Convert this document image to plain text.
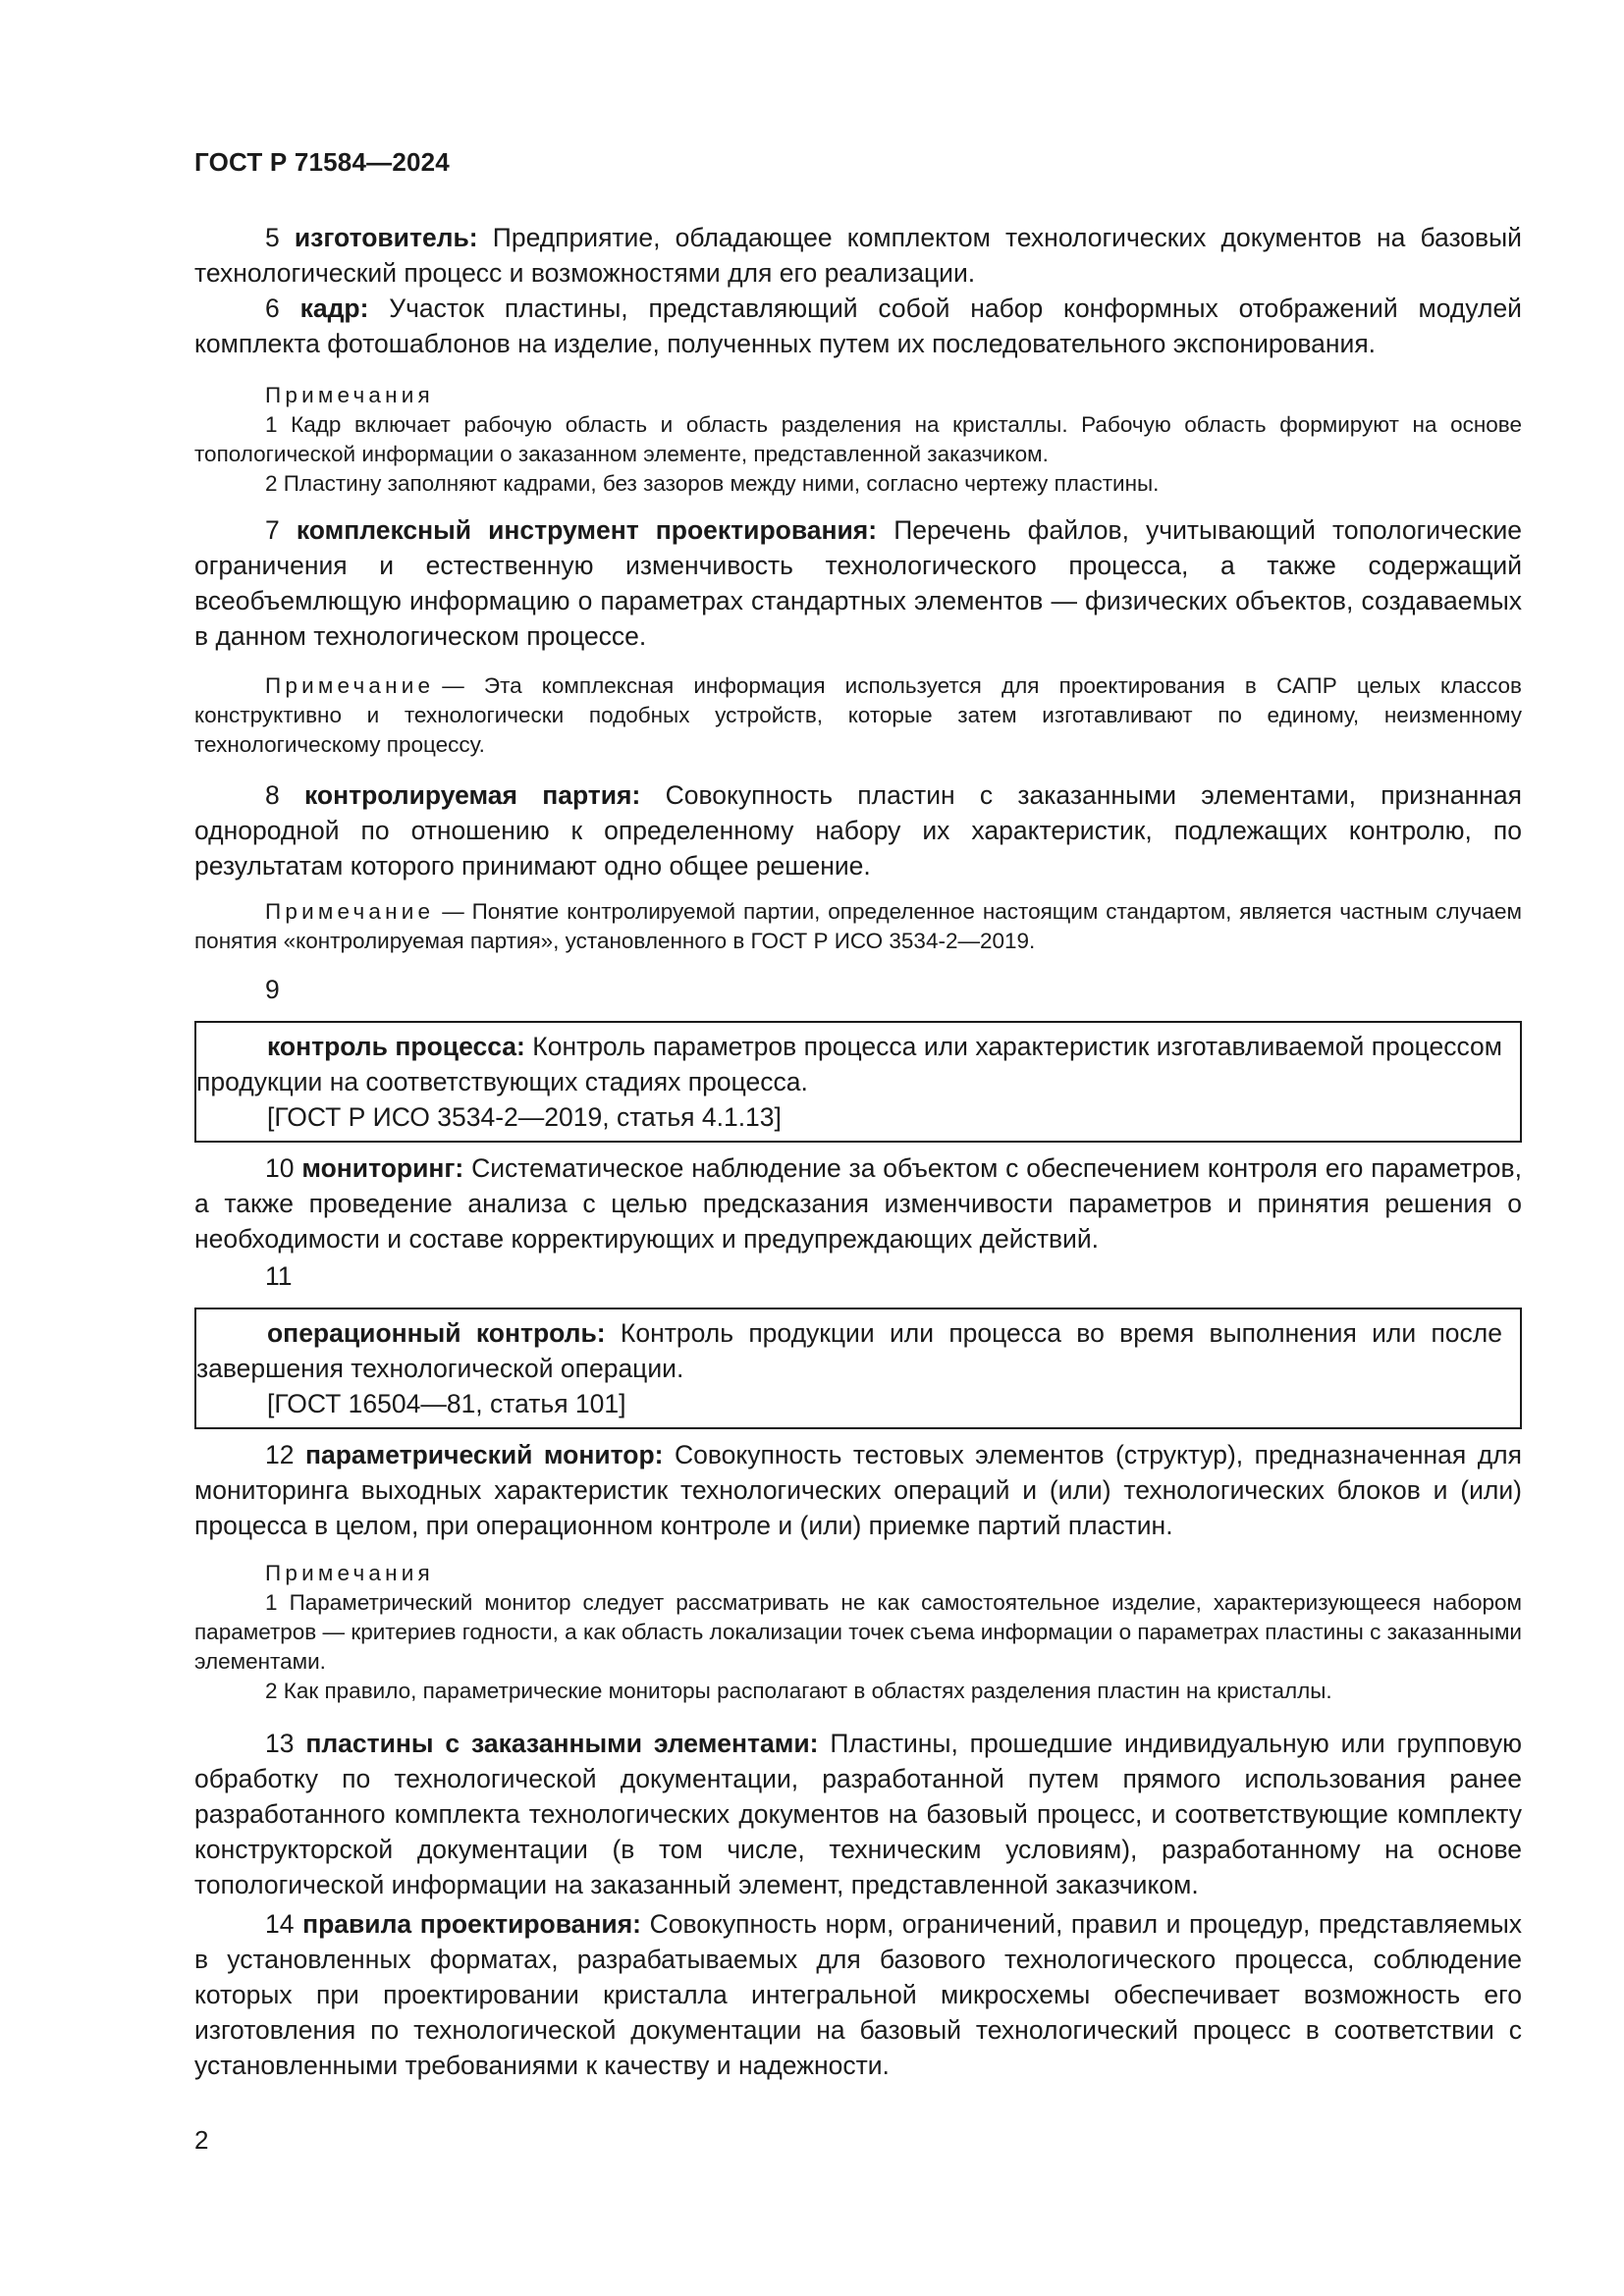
ГОСТ Р 71584—2024

5 изготовитель: Предприятие, обладающее комплектом технологических документов на базовый технологический процесс и возможностями для его реализации.

6 кадр: Участок пластины, представляющий собой набор конформных отображений модулей комплекта фотошаблонов на изделие, полученных путем их последовательного экспонирования.

Примечания

1 Кадр включает рабочую область и область разделения на кристаллы. Рабочую область формируют на основе топологической информации о заказанном элементе, представленной заказчиком.

2 Пластину заполняют кадрами, без зазоров между ними, согласно чертежу пластины.

7 комплексный инструмент проектирования: Перечень файлов, учитывающий топологические ограничения и естественную изменчивость технологического процесса, а также содержащий всеобъемлющую информацию о параметрах стандартных элементов — физических объектов, создаваемых в данном технологическом процессе.

Примечание — Эта комплексная информация используется для проектирования в САПР целых классов конструктивно и технологически подобных устройств, которые затем изготавливают по единому, неизменному технологическому процессу.

8 контролируемая партия: Совокупность пластин с заказанными элементами, признанная однородной по отношению к определенному набору их характеристик, подлежащих контролю, по результатам которого принимают одно общее решение.

Примечание — Понятие контролируемой партии, определенное настоящим стандартом, является частным случаем понятия «контролируемая партия», установленного в ГОСТ Р ИСО 3534-2—2019.

9

контроль процесса: Контроль параметров процесса или характеристик изготавливаемой процессом продукции на соответствующих стадиях процесса.

[ГОСТ Р ИСО 3534-2—2019, статья 4.1.13]

10 мониторинг: Систематическое наблюдение за объектом с обеспечением контроля его параметров, а также проведение анализа с целью предсказания изменчивости параметров и принятия решения о необходимости и составе корректирующих и предупреждающих действий.

11

операционный контроль: Контроль продукции или процесса во время выполнения или после завершения технологической операции.

[ГОСТ 16504—81, статья 101]

12 параметрический монитор: Совокупность тестовых элементов (структур), предназначенная для мониторинга выходных характеристик технологических операций и (или) технологических блоков и (или) процесса в целом, при операционном контроле и (или) приемке партий пластин.

Примечания

1 Параметрический монитор следует рассматривать не как самостоятельное изделие, характеризующееся набором параметров — критериев годности, а как область локализации точек съема информации о параметрах пластины с заказанными элементами.

2 Как правило, параметрические мониторы располагают в областях разделения пластин на кристаллы.

13 пластины с заказанными элементами: Пластины, прошедшие индивидуальную или групповую обработку по технологической документации, разработанной путем прямого использования ранее разработанного комплекта технологических документов на базовый процесс, и соответствующие комплекту конструкторской документации (в том числе, техническим условиям), разработанному на основе топологической информации на заказанный элемент, представленной заказчиком.

14 правила проектирования: Совокупность норм, ограничений, правил и процедур, представляемых в установленных форматах, разрабатываемых для базового технологического процесса, соблюдение которых при проектировании кристалла интегральной микросхемы обеспечивает возможность его изготовления по технологической документации на базовый технологический процесс в соответствии с установленными требованиями к качеству и надежности.

2
